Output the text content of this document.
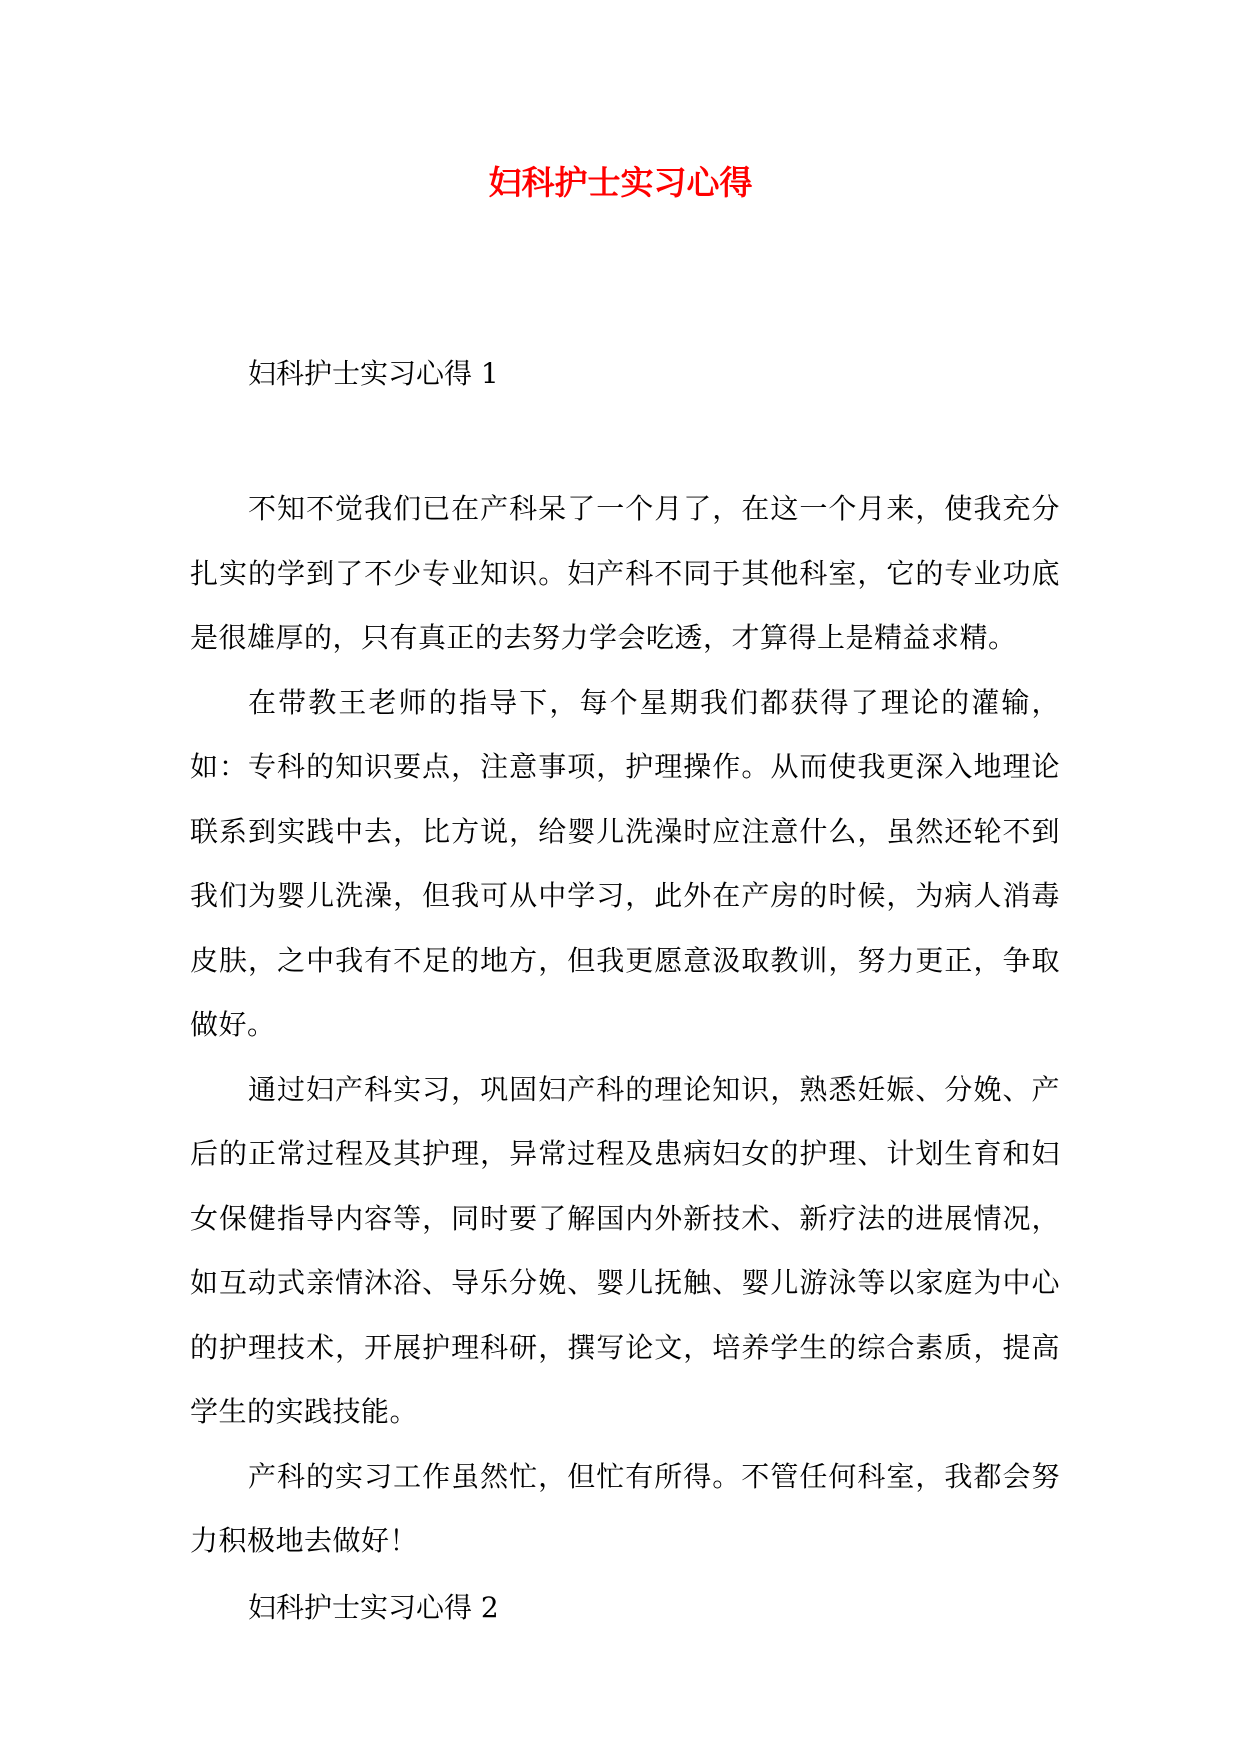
妇科护士实习心得
妇科护士实习心得 1

不知不觉我们已在产科呆了一个月了，在这一个月来，使我充分扎实的学到了不少专业知识。妇产科不同于其他科室，它的专业功底是很雄厚的，只有真正的去努力学会吃透，才算得上是精益求精。

在带教王老师的指导下，每个星期我们都获得了理论的灌输，如：专科的知识要点，注意事项，护理操作。从而使我更深入地理论联系到实践中去，比方说，给婴儿洗澡时应注意什么，虽然还轮不到我们为婴儿洗澡，但我可从中学习，此外在产房的时候，为病人消毒皮肤，之中我有不足的地方，但我更愿意汲取教训，努力更正，争取做好。

通过妇产科实习，巩固妇产科的理论知识，熟悉妊娠、分娩、产后的正常过程及其护理，异常过程及患病妇女的护理、计划生育和妇女保健指导内容等，同时要了解国内外新技术、新疗法的进展情况，如互动式亲情沐浴、导乐分娩、婴儿抚触、婴儿游泳等以家庭为中心的护理技术，开展护理科研，撰写论文，培养学生的综合素质，提高学生的实践技能。

产科的实习工作虽然忙，但忙有所得。不管任何科室，我都会努力积极地去做好！

妇科护士实习心得 2
